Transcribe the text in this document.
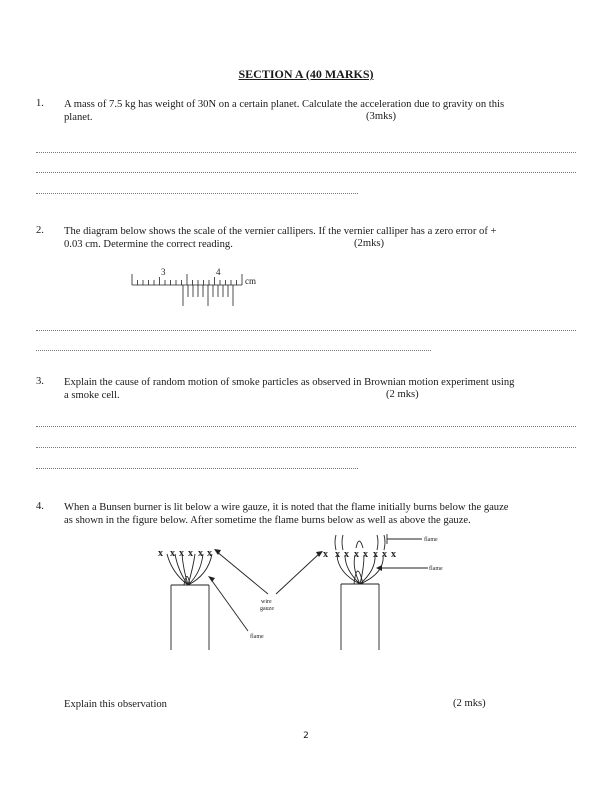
SECTION A (40 MARKS)
1. A mass of 7.5 kg has weight of 30N on a certain planet. Calculate the acceleration due to gravity on this
planet.	(3mks)
2. The diagram below shows the scale of the vernier callipers. If the vernier calliper has a zero error of +
0.03 cm. Determine the correct reading.	(2mks)
3	4
cm
3. Explain the cause of random motion of smoke particles as observed in Brownian motion experiment using
a smoke cell.	(2 mks)
4. When a Bunsen burner is lit below a wire gauze, it is noted that the flame initially burns below the gauze
as shown in the figure below. After sometime the flame burns below as well as above the gauze.
x x x x x x	x x x x x x x x
wire
gauze
flame
flame
flame
Explain this observation	(2 mks)
2
